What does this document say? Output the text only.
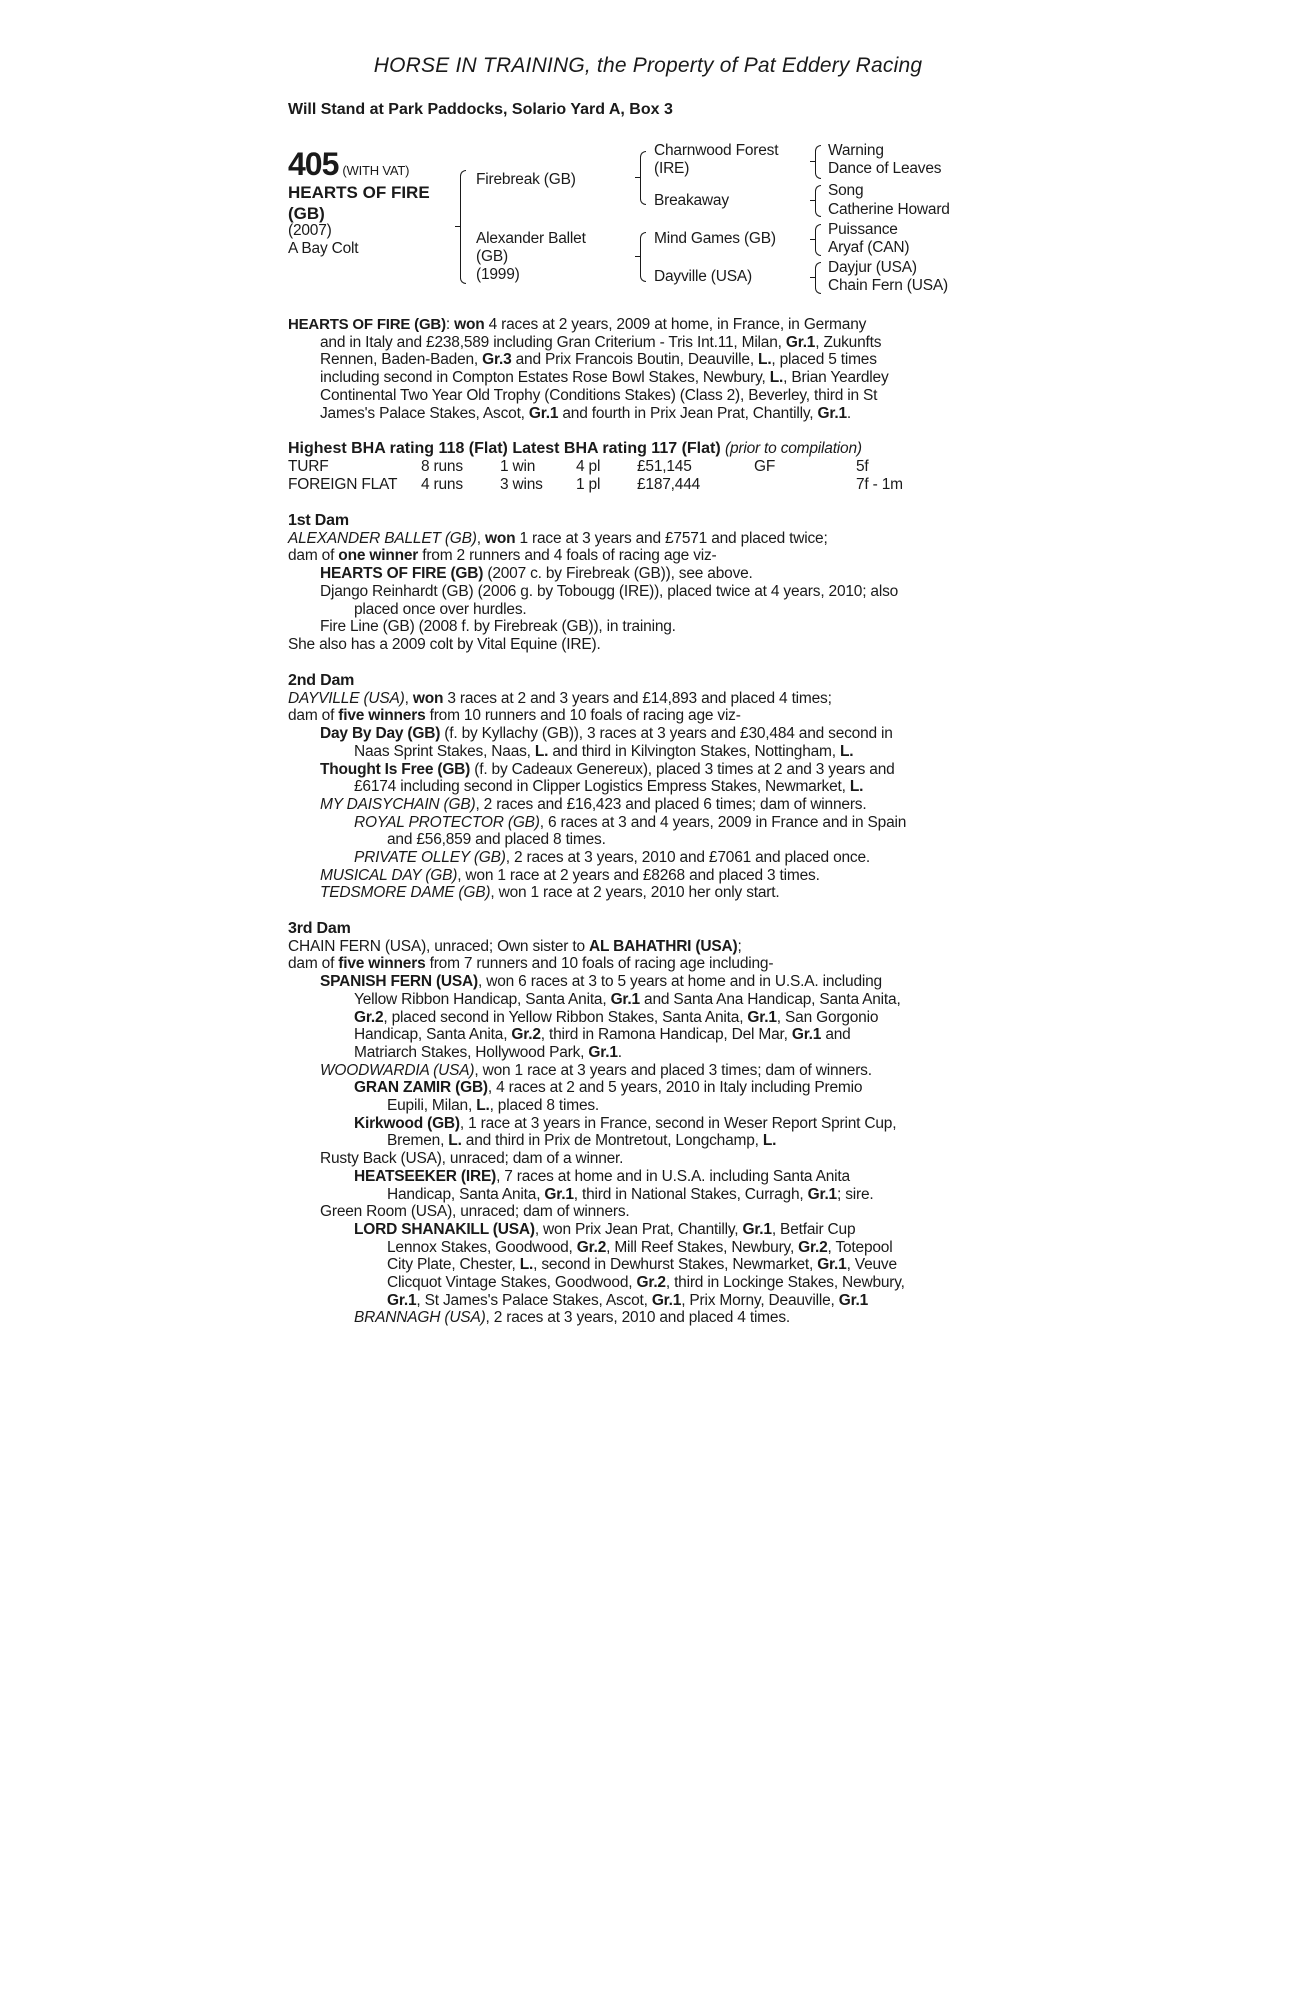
HORSE IN TRAINING, the Property of Pat Eddery Racing
Will Stand at Park Paddocks, Solario Yard A, Box 3
405 (WITH VAT)
HEARTS OF FIRE
(GB)
(2007)
A Bay Colt
Firebreak (GB)
Alexander Ballet
(GB)
(1999)
Charnwood Forest
(IRE)
Breakaway
Mind Games (GB)
Dayville (USA)
Warning
Dance of Leaves
Song
Catherine Howard
Puissance
Aryaf (CAN)
Dayjur (USA)
Chain Fern (USA)
HEARTS OF FIRE (GB): won 4 races at 2 years, 2009 at home, in France, in Germany
and in Italy and £238,589 including Gran Criterium - Tris Int.11, Milan, Gr.1, Zukunfts
Rennen, Baden-Baden, Gr.3 and Prix Francois Boutin, Deauville, L., placed 5 times
including second in Compton Estates Rose Bowl Stakes, Newbury, L., Brian Yeardley
Continental Two Year Old Trophy (Conditions Stakes) (Class 2), Beverley, third in St
James's Palace Stakes, Ascot, Gr.1 and fourth in Prix Jean Prat, Chantilly, Gr.1.
Highest BHA rating 118 (Flat) Latest BHA rating 117 (Flat) (prior to compilation)
TURF	8 runs 1 win	4 pl £51,145	GF	5f
FOREIGN FLAT 4 runs 3 wins 1 pl £187,444	7f - 1m
1st Dam
ALEXANDER BALLET (GB), won 1 race at 3 years and £7571 and placed twice;
dam of one winner from 2 runners and 4 foals of racing age viz-
HEARTS OF FIRE (GB) (2007 c. by Firebreak (GB)), see above.
Django Reinhardt (GB) (2006 g. by Tobougg (IRE)), placed twice at 4 years, 2010; also
placed once over hurdles.
Fire Line (GB) (2008 f. by Firebreak (GB)), in training.
She also has a 2009 colt by Vital Equine (IRE).
2nd Dam
DAYVILLE (USA), won 3 races at 2 and 3 years and £14,893 and placed 4 times;
dam of five winners from 10 runners and 10 foals of racing age viz-
Day By Day (GB) (f. by Kyllachy (GB)), 3 races at 3 years and £30,484 and second in
Naas Sprint Stakes, Naas, L. and third in Kilvington Stakes, Nottingham, L.
Thought Is Free (GB) (f. by Cadeaux Genereux), placed 3 times at 2 and 3 years and
£6174 including second in Clipper Logistics Empress Stakes, Newmarket, L.
MY DAISYCHAIN (GB), 2 races and £16,423 and placed 6 times; dam of winners.
ROYAL PROTECTOR (GB), 6 races at 3 and 4 years, 2009 in France and in Spain
and £56,859 and placed 8 times.
PRIVATE OLLEY (GB), 2 races at 3 years, 2010 and £7061 and placed once.
MUSICAL DAY (GB), won 1 race at 2 years and £8268 and placed 3 times.
TEDSMORE DAME (GB), won 1 race at 2 years, 2010 her only start.
3rd Dam
CHAIN FERN (USA), unraced; Own sister to AL BAHATHRI (USA);
dam of five winners from 7 runners and 10 foals of racing age including-
SPANISH FERN (USA), won 6 races at 3 to 5 years at home and in U.S.A. including
Yellow Ribbon Handicap, Santa Anita, Gr.1 and Santa Ana Handicap, Santa Anita,
Gr.2, placed second in Yellow Ribbon Stakes, Santa Anita, Gr.1, San Gorgonio
Handicap, Santa Anita, Gr.2, third in Ramona Handicap, Del Mar, Gr.1 and
Matriarch Stakes, Hollywood Park, Gr.1.
WOODWARDIA (USA), won 1 race at 3 years and placed 3 times; dam of winners.
GRAN ZAMIR (GB), 4 races at 2 and 5 years, 2010 in Italy including Premio
Eupili, Milan, L., placed 8 times.
Kirkwood (GB), 1 race at 3 years in France, second in Weser Report Sprint Cup,
Bremen, L. and third in Prix de Montretout, Longchamp, L.
Rusty Back (USA), unraced; dam of a winner.
HEATSEEKER (IRE), 7 races at home and in U.S.A. including Santa Anita
Handicap, Santa Anita, Gr.1, third in National Stakes, Curragh, Gr.1; sire.
Green Room (USA), unraced; dam of winners.
LORD SHANAKILL (USA), won Prix Jean Prat, Chantilly, Gr.1, Betfair Cup
Lennox Stakes, Goodwood, Gr.2, Mill Reef Stakes, Newbury, Gr.2, Totepool
City Plate, Chester, L., second in Dewhurst Stakes, Newmarket, Gr.1, Veuve
Clicquot Vintage Stakes, Goodwood, Gr.2, third in Lockinge Stakes, Newbury,
Gr.1, St James's Palace Stakes, Ascot, Gr.1, Prix Morny, Deauville, Gr.1
BRANNAGH (USA), 2 races at 3 years, 2010 and placed 4 times.
